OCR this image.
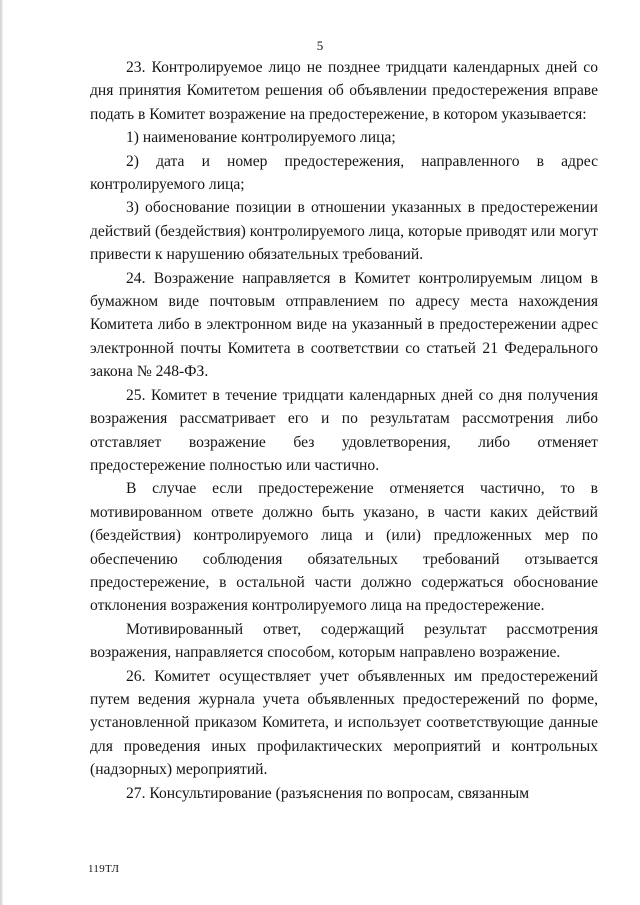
5

23. Контролируемое лицо не позднее тридцати календарных дней со дня принятия Комитетом решения об объявлении предостережения вправе подать в Комитет возражение на предостережение, в котором указывается:

1) наименование контролируемого лица;

2) дата и номер предостережения, направленного в адрес контролируемого лица;

3) обоснование позиции в отношении указанных в предостережении действий (бездействия) контролируемого лица, которые приводят или могут привести к нарушению обязательных требований.

24. Возражение направляется в Комитет контролируемым лицом в бумажном виде почтовым отправлением по адресу места нахождения Комитета либо в электронном виде на указанный в предостережении адрес электронной почты Комитета в соответствии со статьей 21 Федерального закона № 248-ФЗ.

25. Комитет в течение тридцати календарных дней со дня получения возражения рассматривает его и по результатам рассмотрения либо отставляет возражение без удовлетворения, либо отменяет предостережение полностью или частично.

В случае если предостережение отменяется частично, то в мотивированном ответе должно быть указано, в части каких действий (бездействия) контролируемого лица и (или) предложенных мер по обеспечению соблюдения обязательных требований отзывается предостережение, в остальной части должно содержаться обоснование отклонения возражения контролируемого лица на предостережение.

Мотивированный ответ, содержащий результат рассмотрения возражения, направляется способом, которым направлено возражение.

26. Комитет осуществляет учет объявленных им предостережений путем ведения журнала учета объявленных предостережений по форме, установленной приказом Комитета, и использует соответствующие данные для проведения иных профилактических мероприятий и контрольных (надзорных) мероприятий.

27. Консультирование (разъяснения по вопросам, связанным

119ТЛ
